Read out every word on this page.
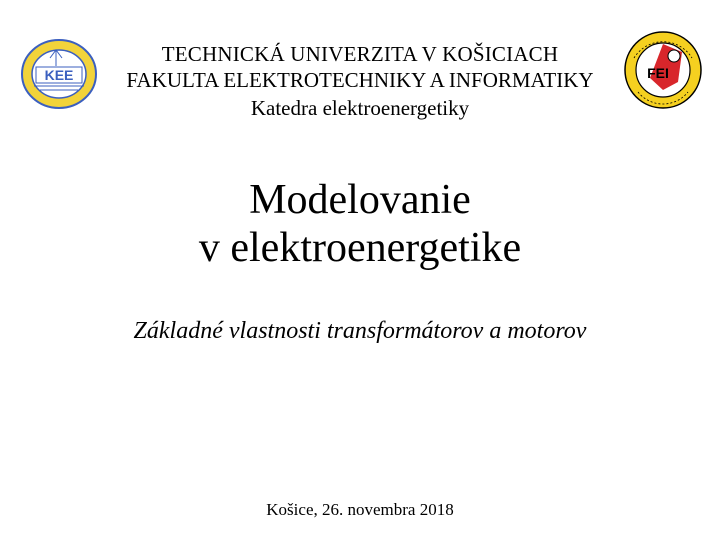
TECHNICKÁ UNIVERZITA V KOŠICIACH
FAKULTA ELEKTROTECHNIKY A INFORMATIKY
Katedra elektroenergetiky
KEE	FEI
Modelovanie
v elektroenergetike
Základné vlastnosti transformátorov a motorov
Košice, 26. novembra 2018
